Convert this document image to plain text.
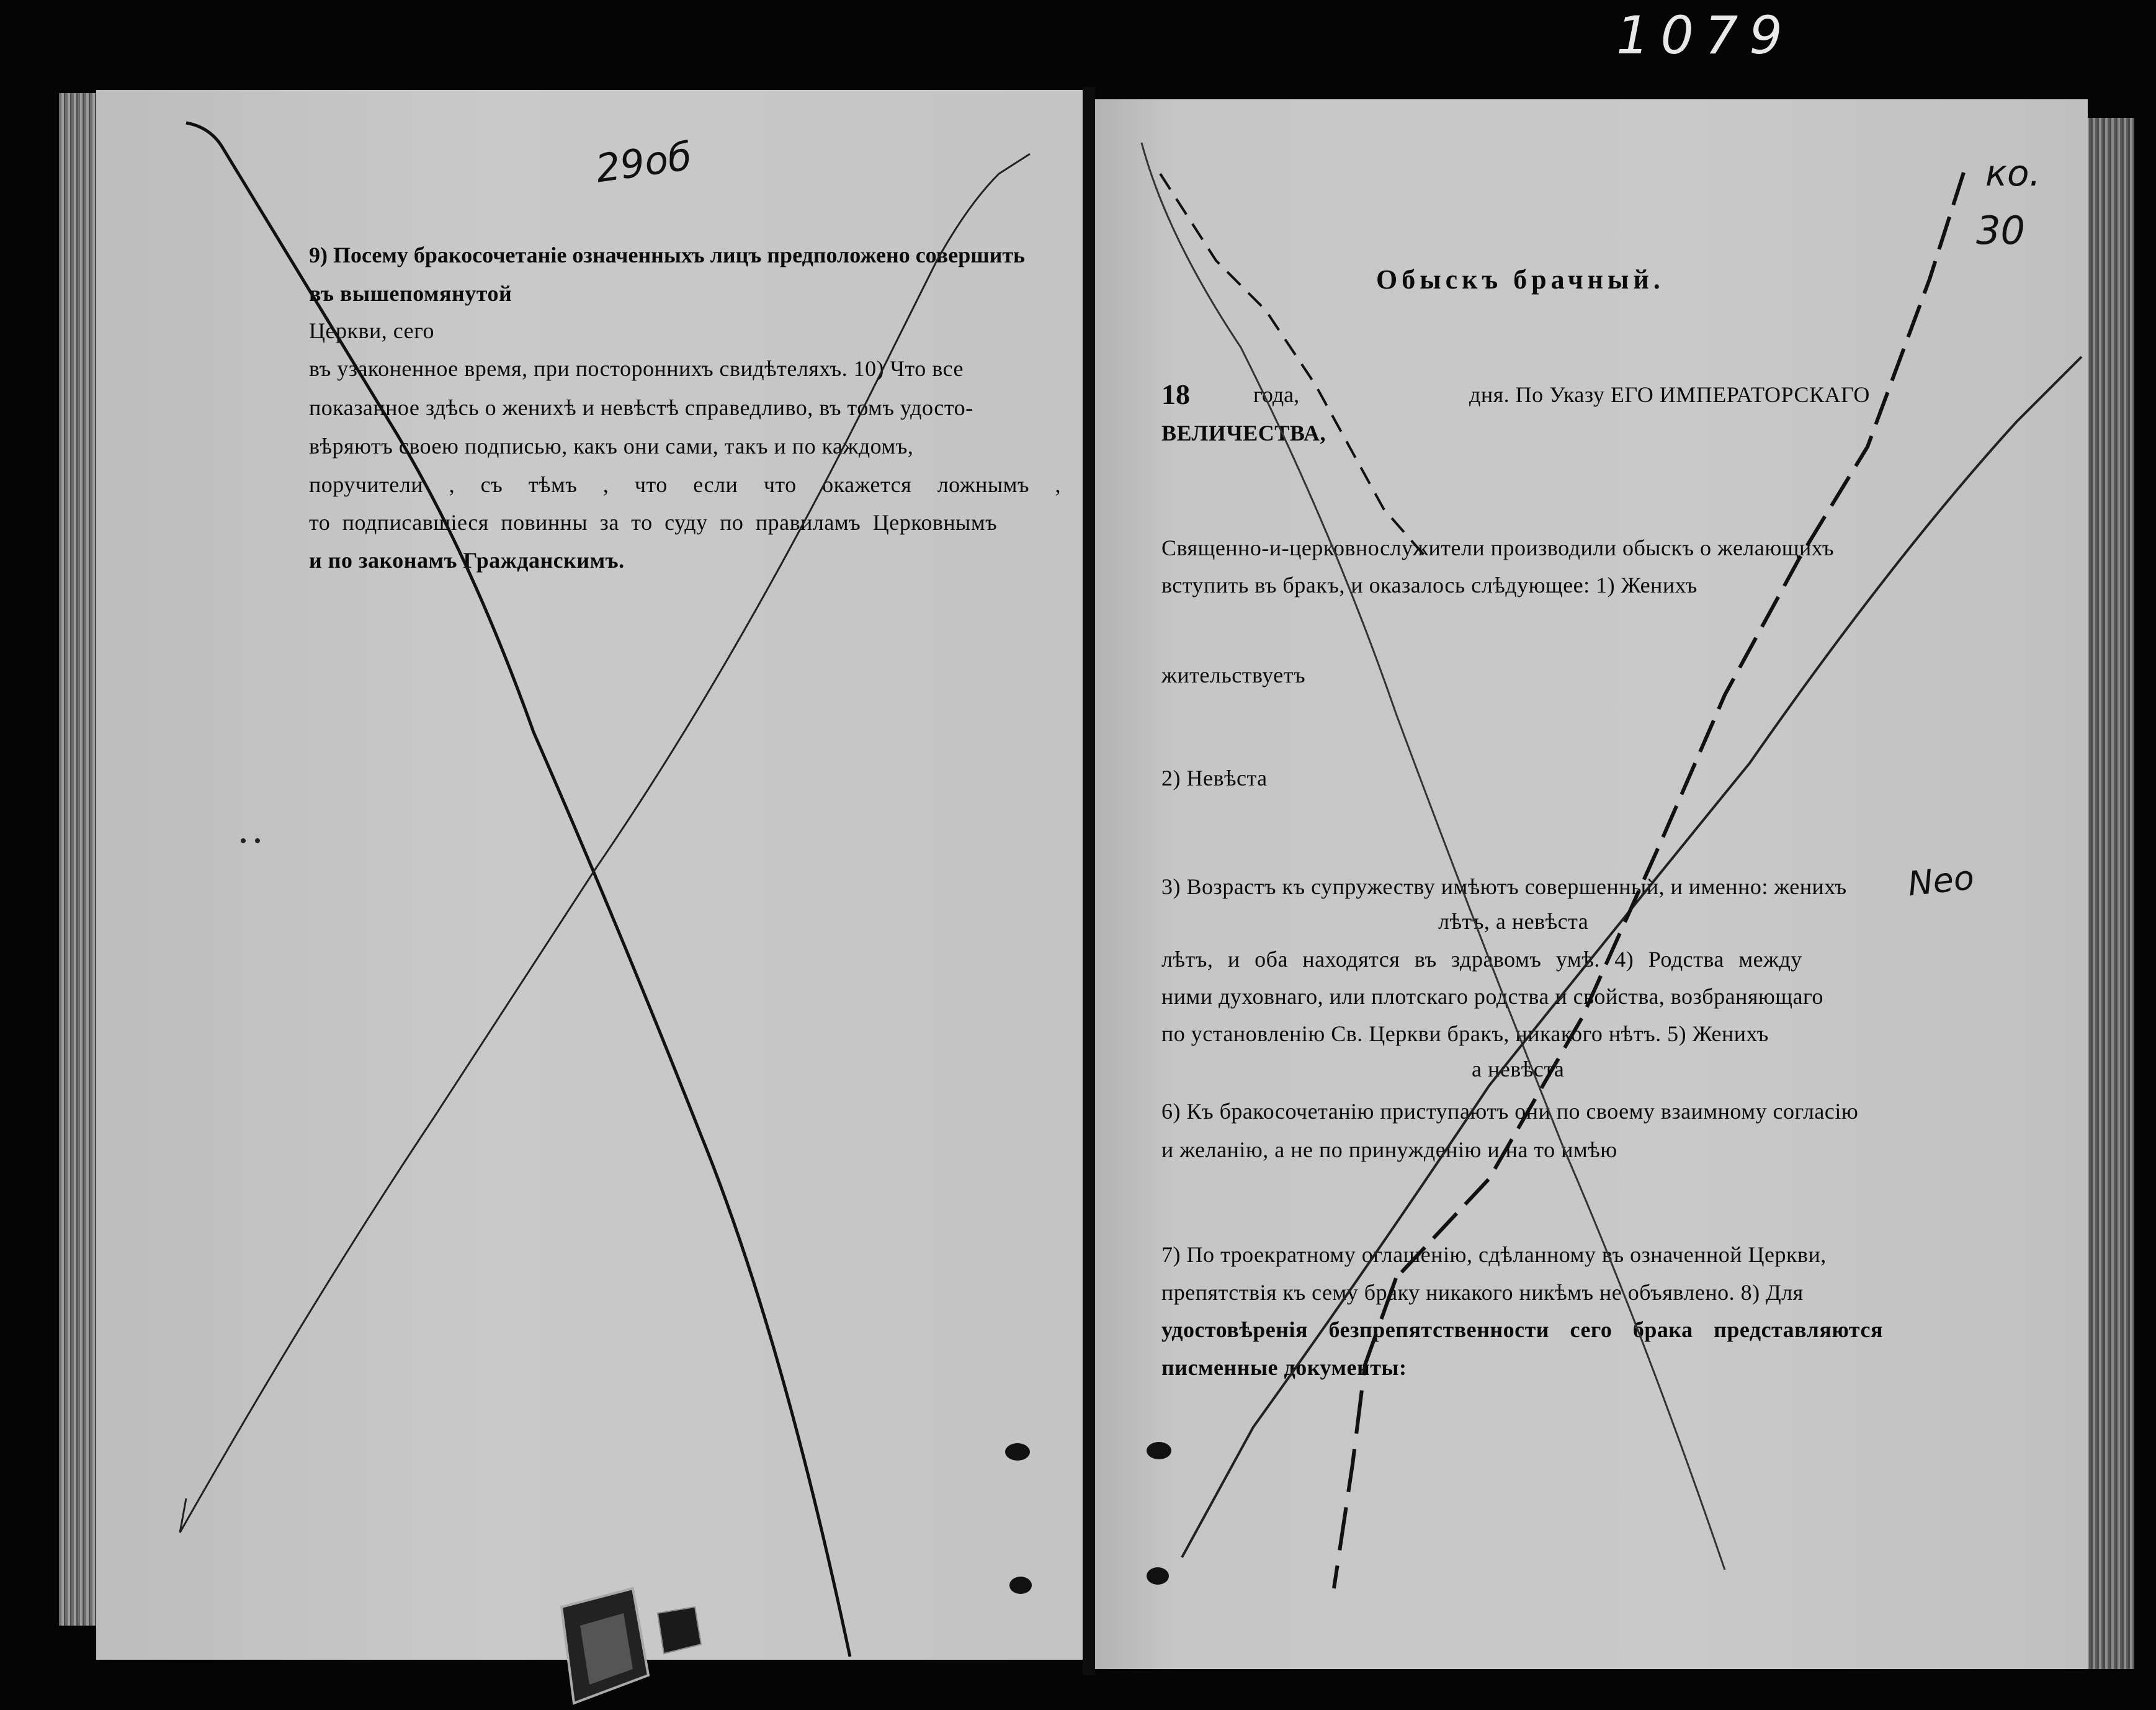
1079
29об
9) Посему бракосочетаніе означенныхъ лицъ предположено совершить
въ вышепомянутой
Церкви, сего
въ узаконенное время, при постороннихъ свидѣтеляхъ. 10) Что все
показанное здѣсь о женихѣ и невѣстѣ справедливо, въ томъ удосто-
вѣряютъ своею подписью, какъ они сами, такъ и по каждомъ,
поручители , съ тѣмъ , что если что окажется ложнымъ ,
то подписавшіеся повинны за то суду по правиламъ Церковнымъ
и по законамъ Гражданскимъ.
ко.
30
Обыскъ брачный.
18	года,	дня. По Указу ЕГО ИМПЕРАТОРСКАГО
ВЕЛИЧЕСТВА,
Священно-и-церковнослужители производили обыскъ о желающихъ
вступить въ бракъ, и оказалось слѣдующее: 1) Женихъ
жительствуетъ
2) Невѣста
3) Возрастъ къ супружеству имѣютъ совершенный, и именно: женихъ
лѣтъ, а невѣста
лѣтъ, и оба находятся въ здравомъ умѣ. 4) Родства между
ними духовнаго, или плотскаго родства и свойства, возбраняющаго
по установленію Св. Церкви бракъ, никакого нѣтъ. 5) Женихъ
а невѣста
6) Къ бракосочетанію приступаютъ они по своему взаимному согласію
и желанію, а не по принужденію и на то имѣю
7) По троекратному оглашенію, сдѣланному въ означенной Церкви,
препятствія къ сему браку никакого никѣмъ не объявлено. 8) Для
удостовѣренія безпрепятственности сего брака представляются
писменные документы:
Neo
